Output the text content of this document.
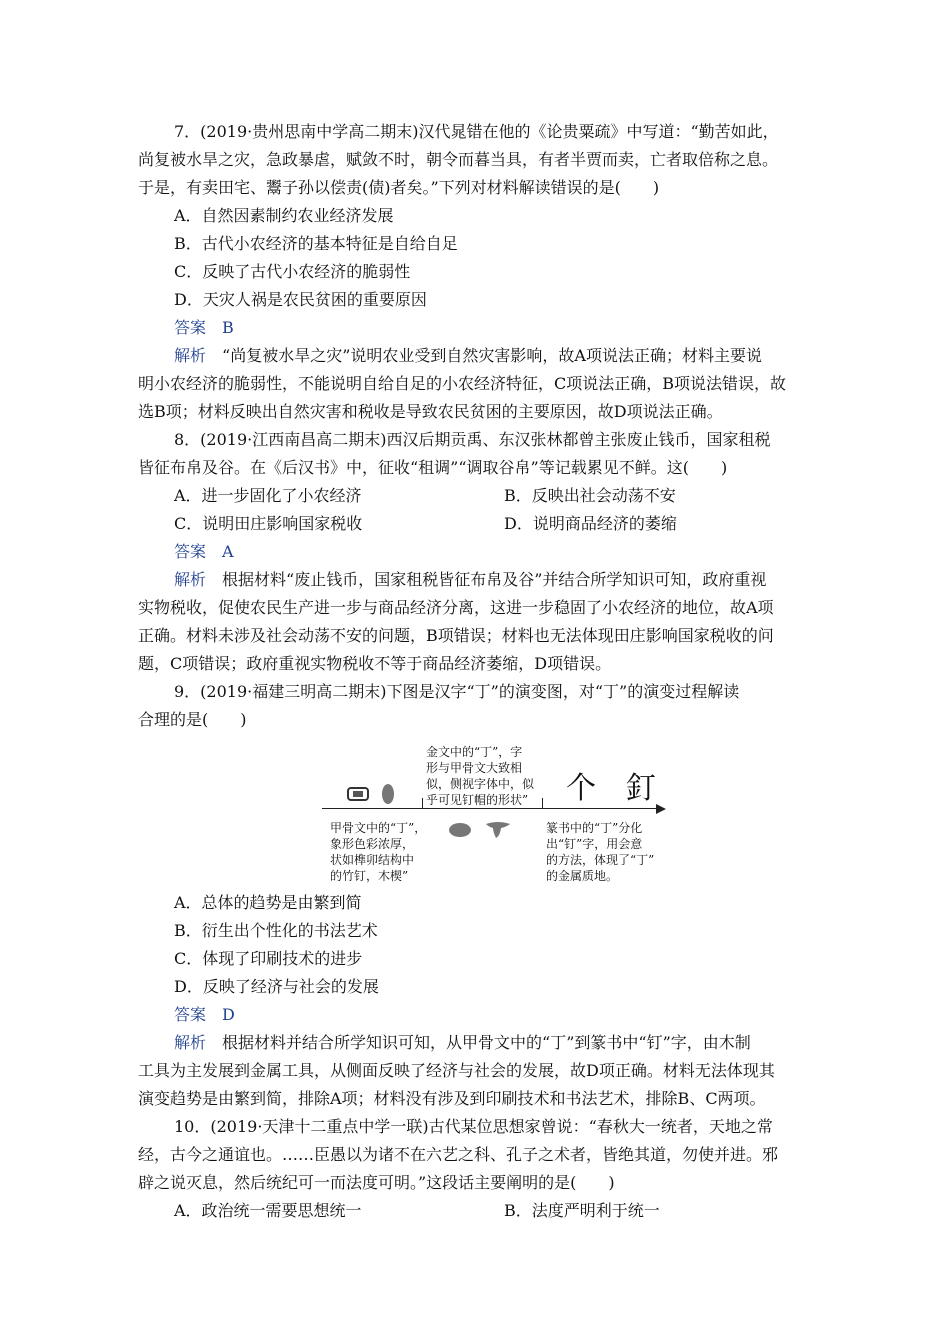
7．(2019·贵州思南中学高二期末)汉代晁错在他的《论贵粟疏》中写道：“勤苦如此，
尚复被水旱之灾，急政暴虐，赋敛不时，朝令而暮当具，有者半贾而卖，亡者取倍称之息。
于是，有卖田宅、鬻子孙以偿责(债)者矣。”下列对材料解读错误的是(　　)
A．自然因素制约农业经济发展
B．古代小农经济的基本特征是自给自足
C．反映了古代小农经济的脆弱性
D．天灾人祸是农民贫困的重要原因
答案　 B
解析　 “尚复被水旱之灾”说明农业受到自然灾害影响，故A项说法正确；材料主要说
明小农经济的脆弱性，不能说明自给自足的小农经济特征，C项说法正确，B项说法错误，故
选B项；材料反映出自然灾害和税收是导致农民贫困的主要原因，故D项说法正确。
8．(2019·江西南昌高二期末)西汉后期贡禹、东汉张林都曾主张废止钱币，国家租税
皆征布帛及谷。在《后汉书》中，征收“租调”“调取谷帛”等记载累见不鲜。这(　　)
A．进一步固化了小农经济	B．反映出社会动荡不安
C．说明田庄影响国家税收	D．说明商品经济的萎缩
答案　 A
解析　 根据材料“废止钱币，国家租税皆征布帛及谷”并结合所学知识可知，政府重视
实物税收，促使农民生产进一步与商品经济分离，这进一步稳固了小农经济的地位，故A项
正确。材料未涉及社会动荡不安的问题，B项错误；材料也无法体现田庄影响国家税收的问
题，C项错误；政府重视实物税收不等于商品经济萎缩，D项错误。
9．(2019·福建三明高二期末)下图是汉字“丁”的演变图，对“丁”的演变过程解读
合理的是(　　)
金文中的“丁”，字
形与甲骨文大致相
似，侧视字体中，似
乎可见钉帽的形状” 个　釘
甲骨文中的“丁”，
象形色彩浓厚，
状如榫卯结构中
的竹钉，木楔”
篆书中的“丁”分化
出“钉”字，用会意
的方法，体现了“丁”
的金属质地。
A．总体的趋势是由繁到简
B．衍生出个性化的书法艺术
C．体现了印刷技术的进步
D．反映了经济与社会的发展
答案　 D
解析　 根据材料并结合所学知识可知，从甲骨文中的“丁”到篆书中“钉”字，由木制
工具为主发展到金属工具，从侧面反映了经济与社会的发展，故D项正确。材料无法体现其
演变趋势是由繁到简，排除A项；材料没有涉及到印刷技术和书法艺术，排除B、C两项。
10．(2019·天津十二重点中学一联)古代某位思想家曾说：“春秋大一统者，天地之常
经，古今之通谊也。……臣愚以为诸不在六艺之科、孔子之术者，皆绝其道，勿使并进。邪
辟之说灭息，然后统纪可一而法度可明。”这段话主要阐明的是(　　)
A．政治统一需要思想统一	B．法度严明利于统一
